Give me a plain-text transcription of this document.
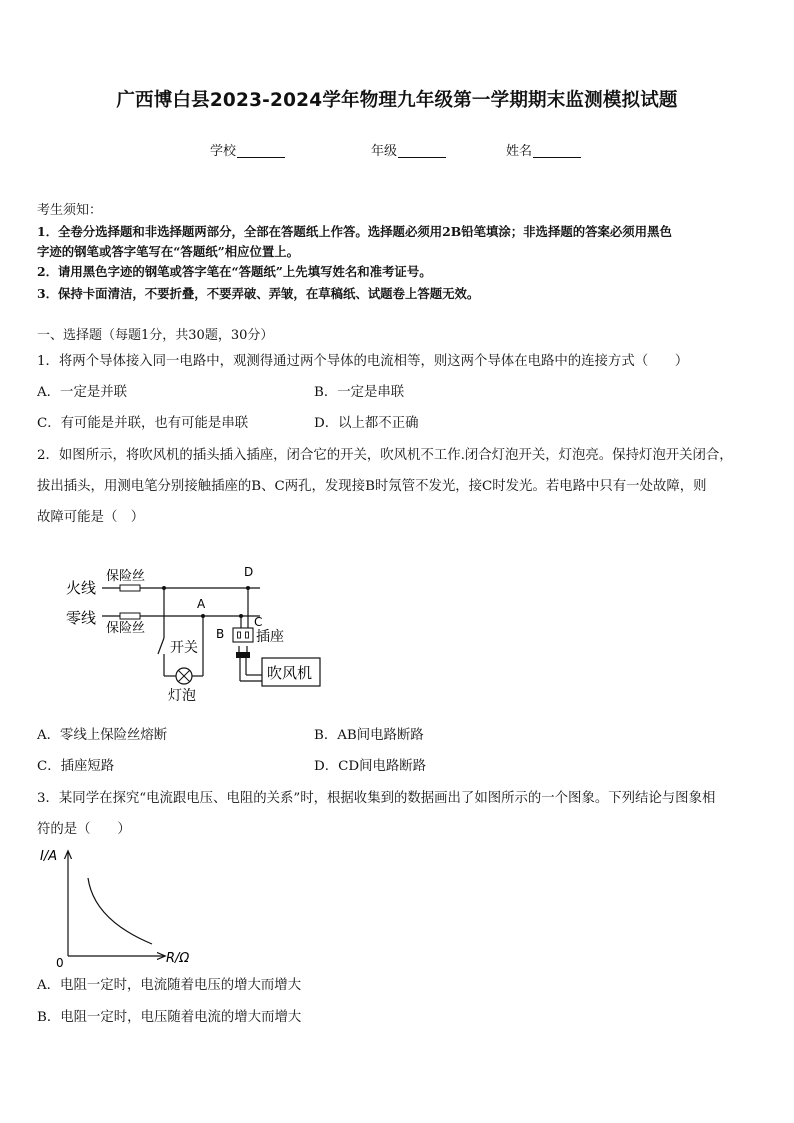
广西博白县2023-2024学年物理九年级第一学期期末监测模拟试题
学校	年级	姓名
考生须知：
1．全卷分选择题和非选择题两部分，全部在答题纸上作答。选择题必须用2B铅笔填涂；非选择题的答案必须用黑色
字迹的钢笔或答字笔写在“答题纸”相应位置上。
2．请用黑色字迹的钢笔或答字笔在“答题纸”上先填写姓名和准考证号。
3．保持卡面清洁，不要折叠，不要弄破、弄皱，在草稿纸、试题卷上答题无效。
一、选择题（每题1分，共30题，30分）
1．将两个导体接入同一电路中，观测得通过两个导体的电流相等，则这两个导体在电路中的连接方式（　　）
A．一定是并联	B．一定是串联
C．有可能是并联，也有可能是串联	D．以上都不正确
2．如图所示，将吹风机的插头插入插座，闭合它的开关，吹风机不工作.闭合灯泡开关，灯泡亮。保持灯泡开关闭合，
拔出插头，用测电笔分别接触插座的B、C两孔，发现接B时氖管不发光，接C时发光。若电路中只有一处故障，则
故障可能是（　）
火线
保险丝
零线
保险丝
D
A
B
C
开关
灯泡
插座
吹风机
A．零线上保险丝熔断	B．AB间电路断路
C．插座短路	D．CD间电路断路
3．某同学在探究“电流跟电压、电阻的关系”时，根据收集到的数据画出了如图所示的一个图象。下列结论与图象相
符的是（　　）
I/A
R/Ω
0
A．电阻一定时，电流随着电压的增大而增大
B．电阻一定时，电压随着电流的增大而增大
